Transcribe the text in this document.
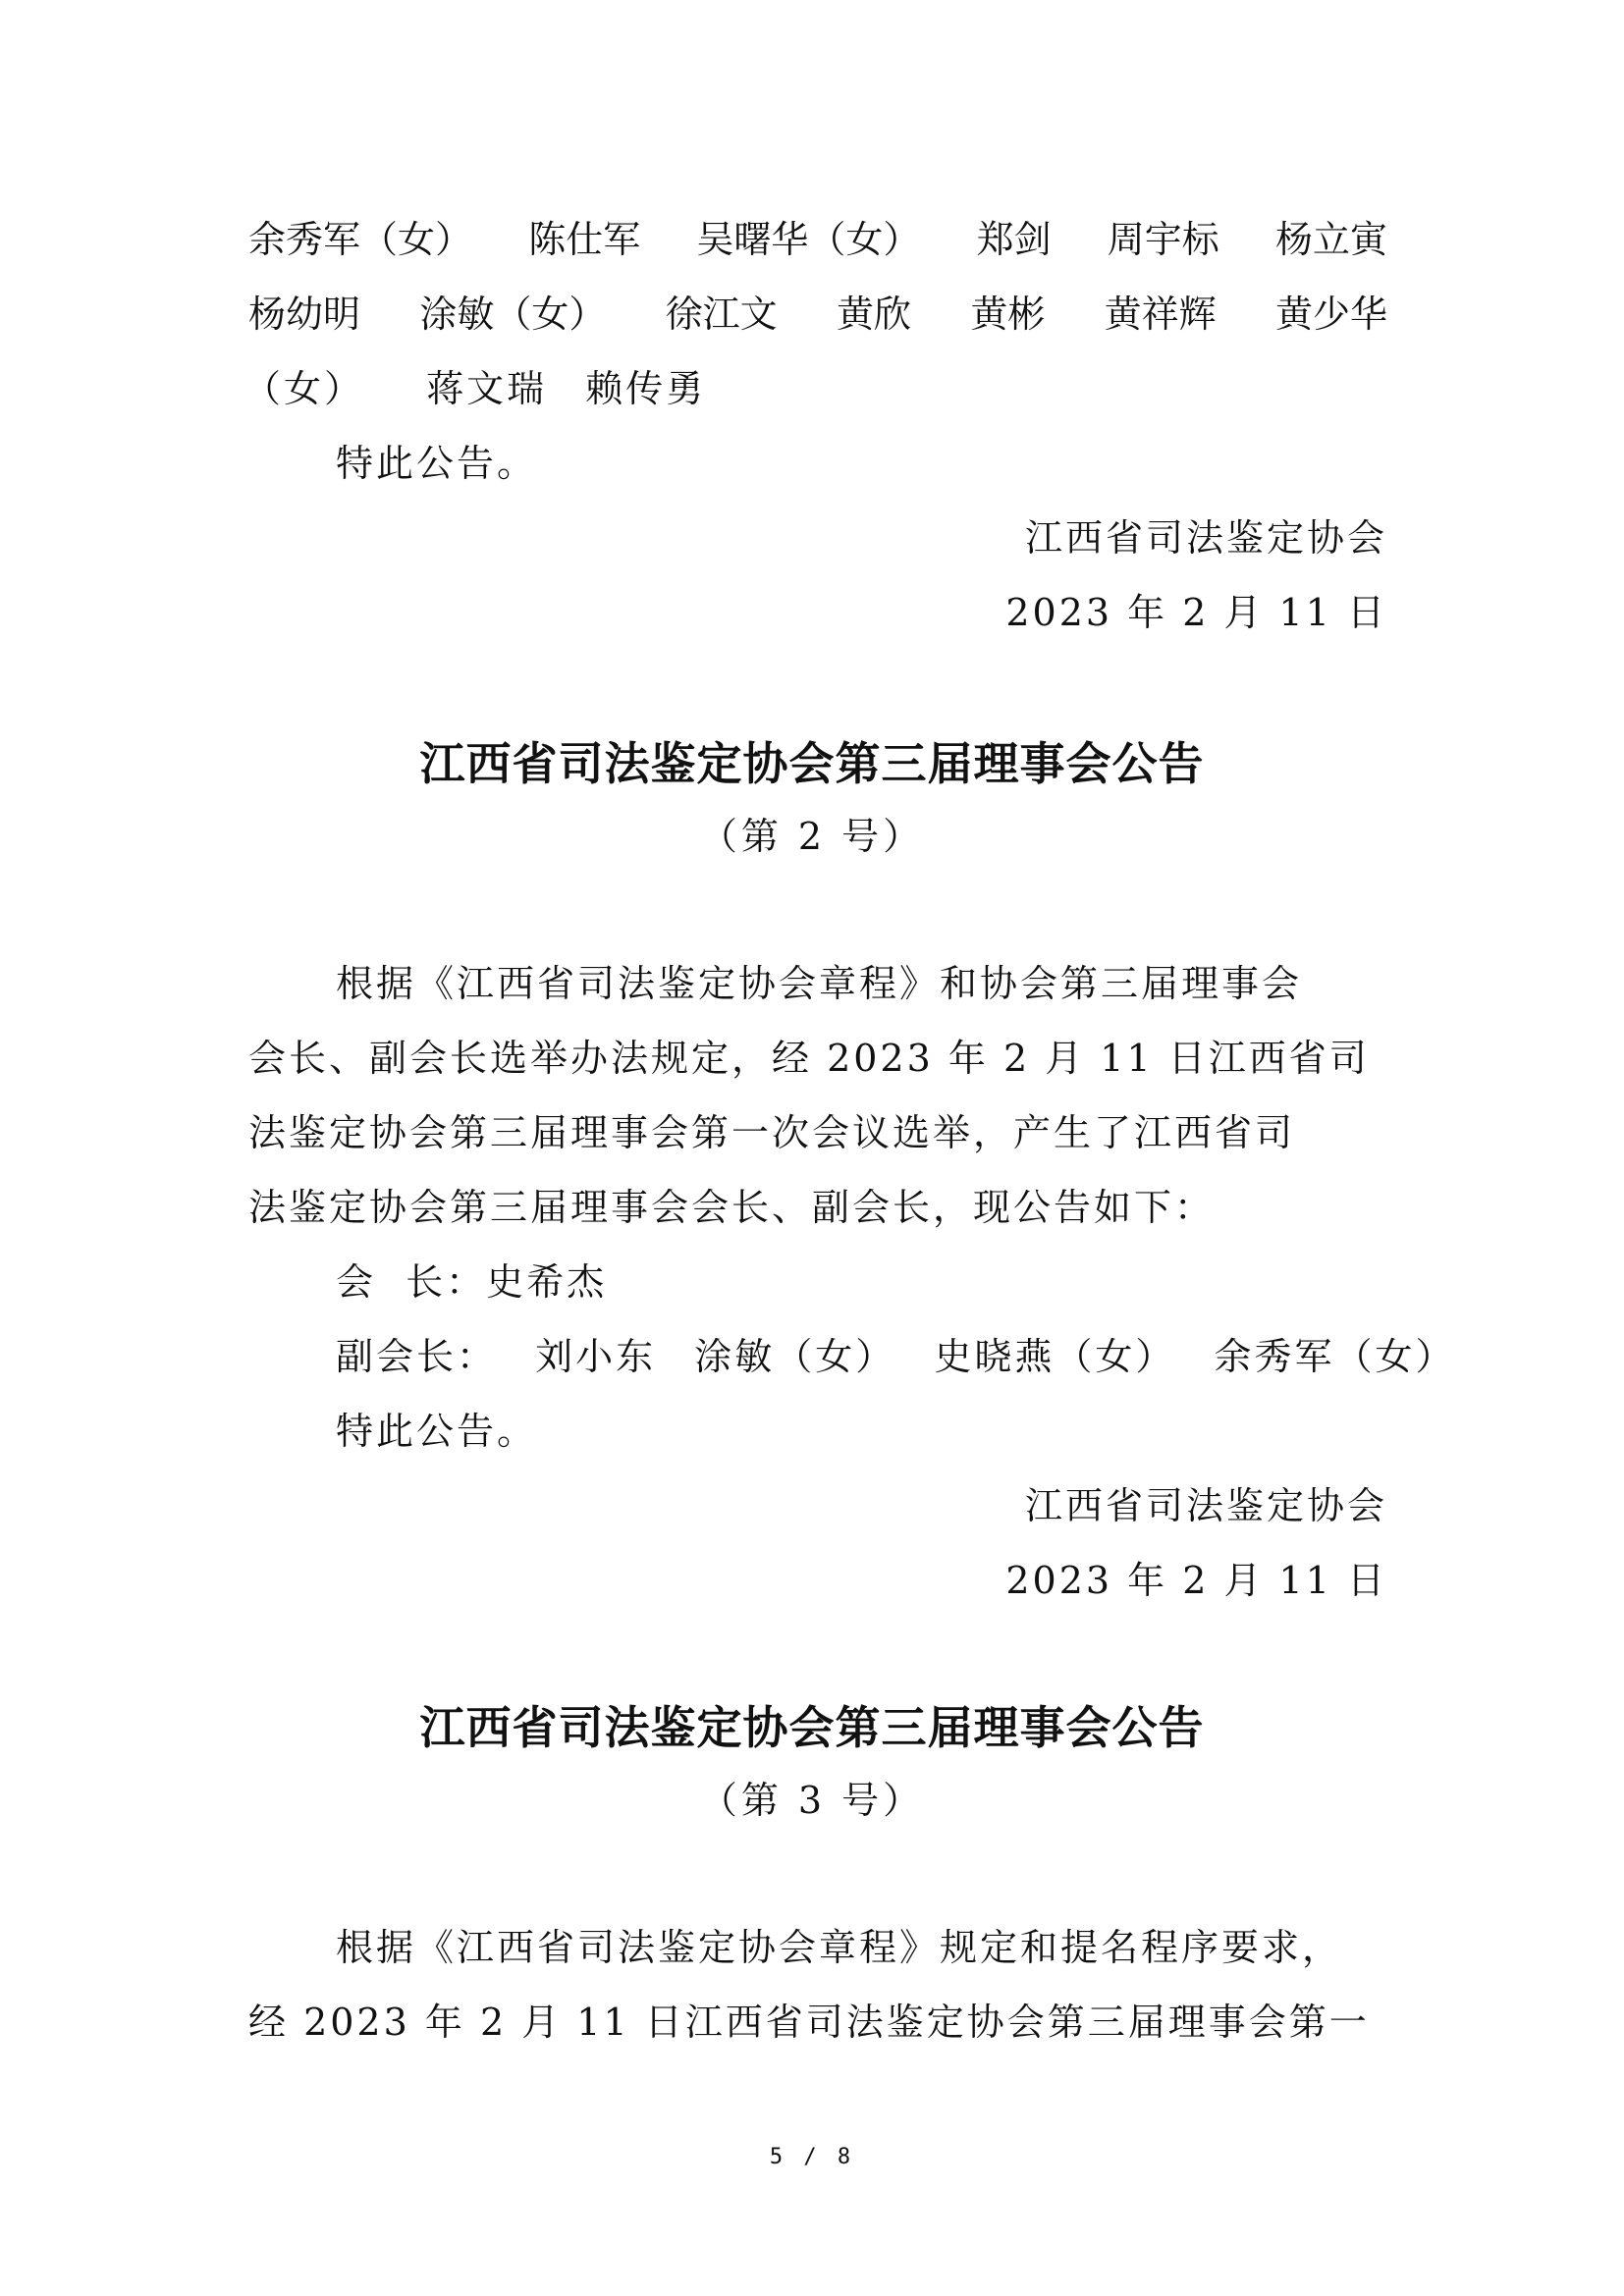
余秀军（女） 陈仕军 吴曙华（女） 郑剑 周宇标 杨立寅
杨幼明 涂敏（女） 徐江文 黄欣 黄彬 黄祥辉 黄少华
（女） 蒋文瑞 赖传勇
特此公告。
江西省司法鉴定协会
2023 年 2 月 11 日
江西省司法鉴定协会第三届理事会公告
（第 2 号）
根据《江西省司法鉴定协会章程》和协会第三届理事会
会长、副会长选举办法规定，经 2023 年 2 月 11 日江西省司
法鉴定协会第三届理事会第一次会议选举，产生了江西省司
法鉴定协会第三届理事会会长、副会长，现公告如下：
会  长：史希杰
副会长： 刘小东 涂敏（女） 史晓燕（女） 余秀军（女）
特此公告。
江西省司法鉴定协会
2023 年 2 月 11 日
江西省司法鉴定协会第三届理事会公告
（第 3 号）
根据《江西省司法鉴定协会章程》规定和提名程序要求，
经 2023 年 2 月 11 日江西省司法鉴定协会第三届理事会第一
5 / 8
